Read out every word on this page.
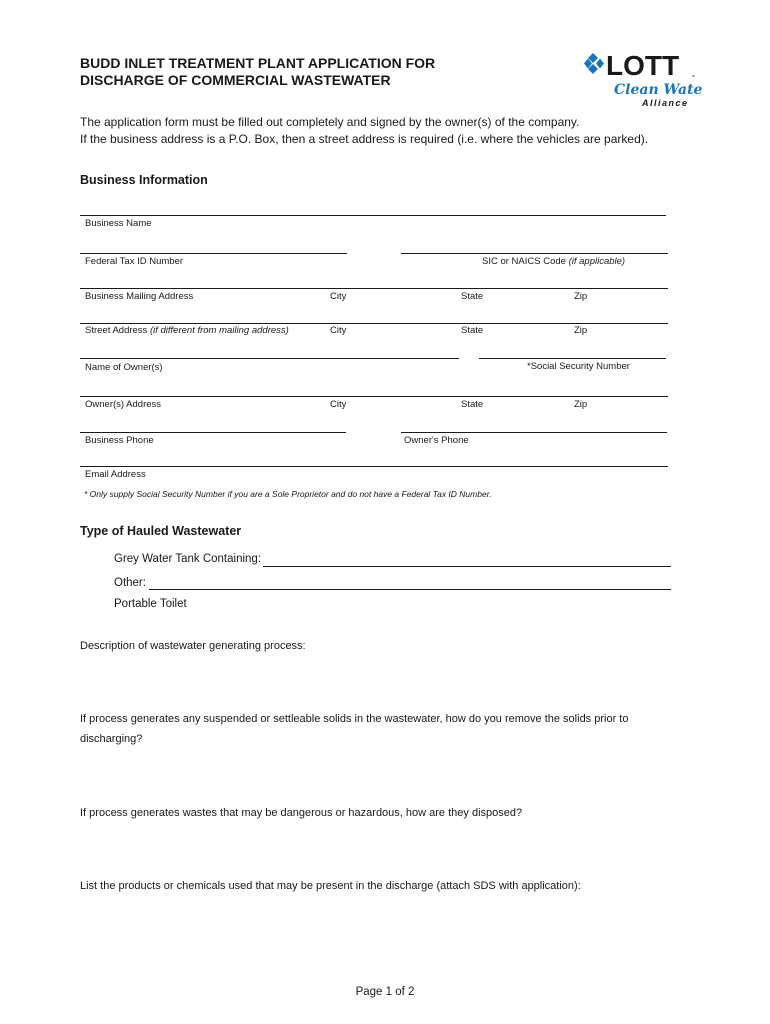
BUDD INLET TREATMENT PLANT APPLICATION FOR
DISCHARGE OF COMMERCIAL WASTEWATER	LOTT	™
Clean Water
Alliance
The application form must be filled out completely and signed by the owner(s) of the company.
If the business address is a P.O. Box, then a street address is required (i.e. where the vehicles are parked).
Business Information
Business Name
Federal Tax ID Number	SIC or NAICS Code (if applicable)
Business Mailing Address	City	State	Zip
Street Address (if different from mailing address)	City	State	Zip
Name of Owner(s)	*Social Security Number
Owner(s) Address	City	State	Zip
Business Phone	Owner's Phone
Email Address
* Only supply Social Security Number if you are a Sole Proprietor and do not have a Federal Tax ID Number.
Type of Hauled Wastewater
Grey Water Tank Containing:
Other:
Portable Toilet
Description of wastewater generating process:
If process generates any suspended or settleable solids in the wastewater, how do you remove the solids prior to discharging?
If process generates wastes that may be dangerous or hazardous, how are they disposed?
List the products or chemicals used that may be present in the discharge (attach SDS with application):
Page 1 of 2
